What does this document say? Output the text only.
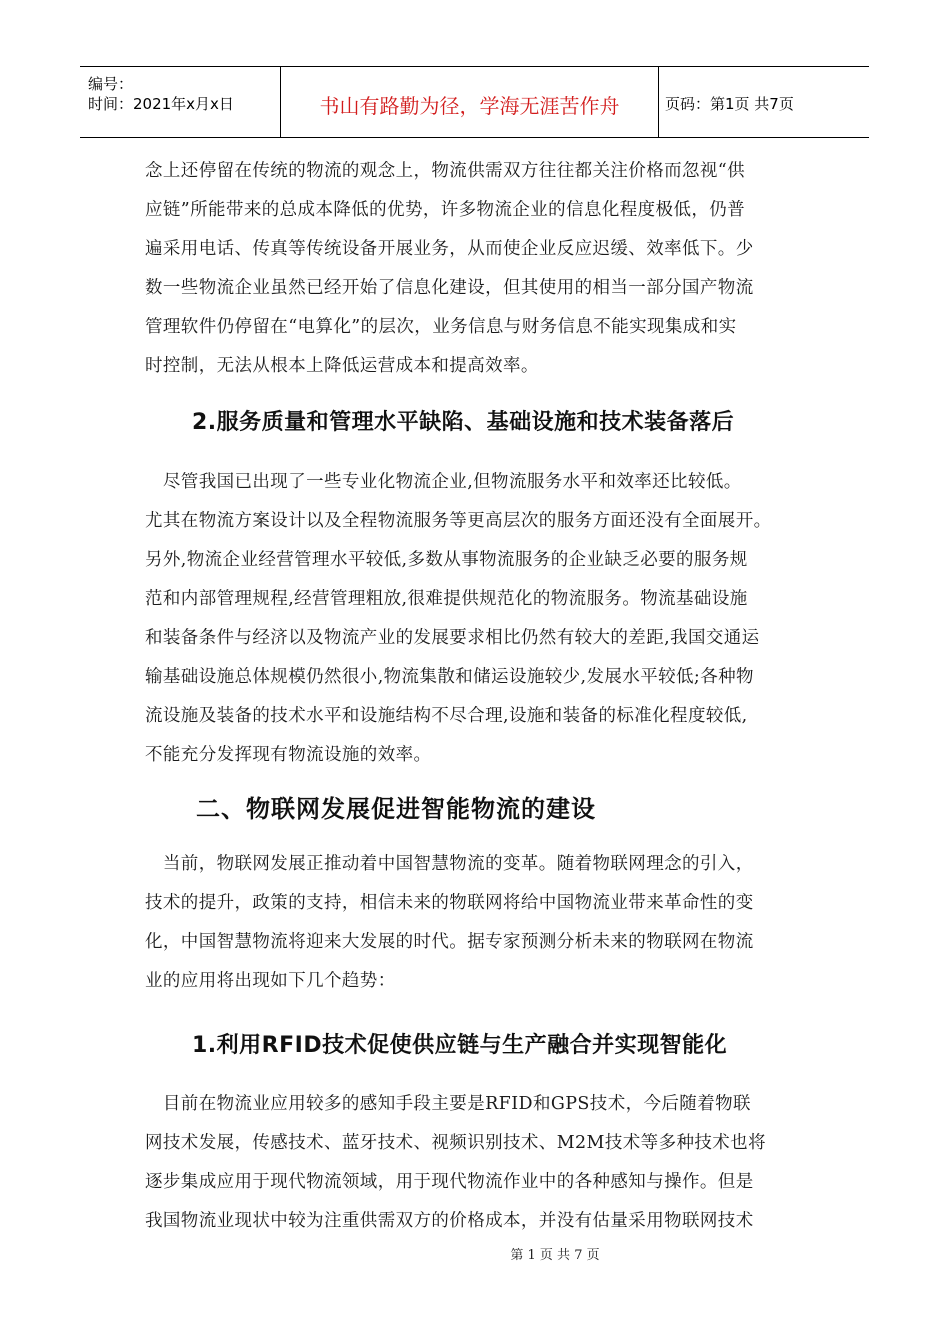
编号：
时间：2021年x月x日	书山有路勤为径，学海无涯苦作舟	页码：第1页 共7页
念上还停留在传统的物流的观念上，物流供需双方往往都关注价格而忽视“供
应链”所能带来的总成本降低的优势，许多物流企业的信息化程度极低，仍普
遍采用电话、传真等传统设备开展业务，从而使企业反应迟缓、效率低下。少
数一些物流企业虽然已经开始了信息化建设，但其使用的相当一部分国产物流
管理软件仍停留在“电算化”的层次，业务信息与财务信息不能实现集成和实
时控制，无法从根本上降低运营成本和提高效率。
2.服务质量和管理水平缺陷、基础设施和技术装备落后
　尽管我国已出现了一些专业化物流企业,但物流服务水平和效率还比较低。
尤其在物流方案设计以及全程物流服务等更高层次的服务方面还没有全面展开。
另外,物流企业经营管理水平较低,多数从事物流服务的企业缺乏必要的服务规
范和内部管理规程,经营管理粗放,很难提供规范化的物流服务。物流基础设施
和装备条件与经济以及物流产业的发展要求相比仍然有较大的差距,我国交通运
输基础设施总体规模仍然很小,物流集散和储运设施较少,发展水平较低;各种物
流设施及装备的技术水平和设施结构不尽合理,设施和装备的标准化程度较低,
不能充分发挥现有物流设施的效率。
二、物联网发展促进智能物流的建设
　当前，物联网发展正推动着中国智慧物流的变革。随着物联网理念的引入，
技术的提升，政策的支持，相信未来的物联网将给中国物流业带来革命性的变
化，中国智慧物流将迎来大发展的时代。据专家预测分析未来的物联网在物流
业的应用将出现如下几个趋势：
1.利用RFID技术促使供应链与生产融合并实现智能化
　目前在物流业应用较多的感知手段主要是RFID和GPS技术，今后随着物联
网技术发展，传感技术、蓝牙技术、视频识别技术、M2M技术等多种技术也将
逐步集成应用于现代物流领域，用于现代物流作业中的各种感知与操作。但是
我国物流业现状中较为注重供需双方的价格成本，并没有估量采用物联网技术
第 1 页 共 7 页
